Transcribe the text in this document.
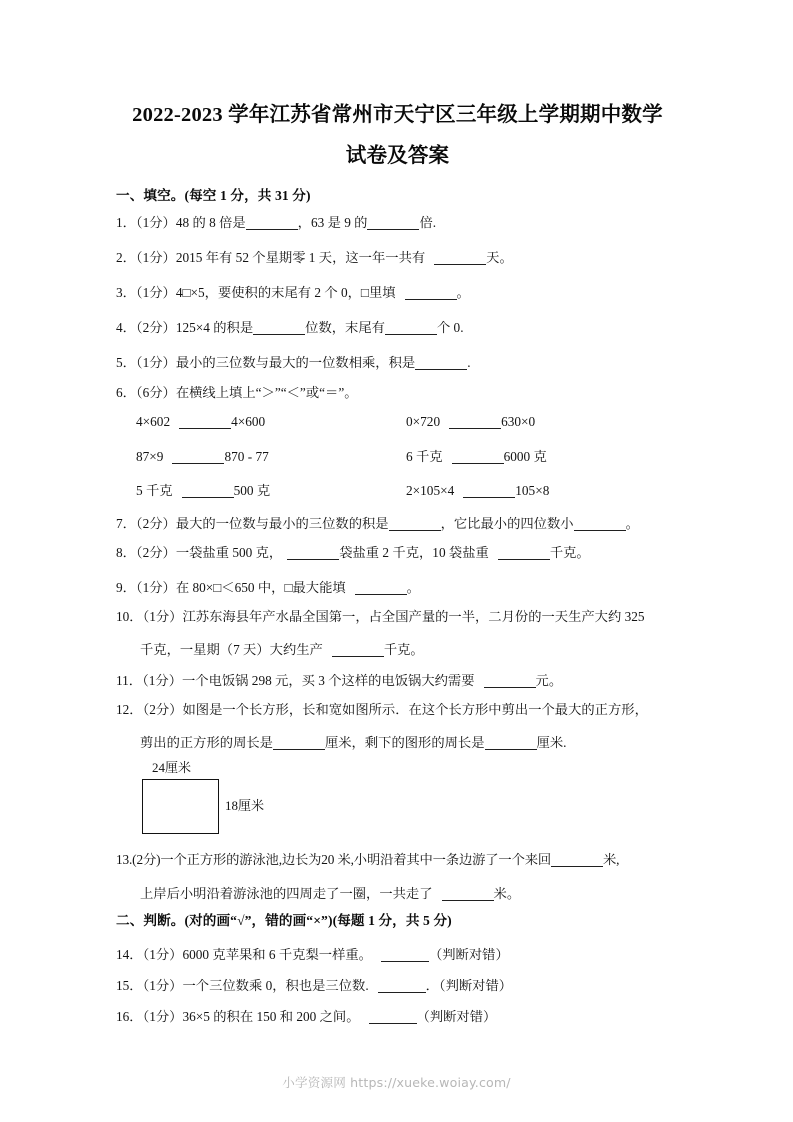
2022-2023 学年江苏省常州市天宁区三年级上学期期中数学
试卷及答案
一、填空。(每空 1 分，共 31 分)
1．（1分）48 的 8 倍是	，63 是 9 的	倍.
2．（1分）2015 年有 52 个星期零 1 天，这一年一共有	天。
3．（1分）4□×5，要使积的末尾有 2 个 0，□里填	。
4．（2分）125×4 的积是	位数，末尾有	个 0.
5．（1分）最小的三位数与最大的一位数相乘，积是	.
6．（6分）在横线上填上“＞”“＜”或“＝”。
4×602	4×600	0×720	630×0
87×9	870 - 77	6 千克	6000 克
5 千克	500 克	2×105×4	105×8
7．（2分）最大的一位数与最小的三位数的积是	，它比最小的四位数小	。
8．（2分）一袋盐重 500 克，	袋盐重 2 千克，10 袋盐重	千克。
9．（1分）在 80×□＜650 中，□最大能填	。
10．（1分）江苏东海县年产水晶全国第一，占全国产量的一半，二月份的一天生产大约 325
千克，一星期（7 天）大约生产	千克。
11．（1分）一个电饭锅 298 元，买 3 个这样的电饭锅大约需要	元。
12．（2分）如图是一个长方形，长和宽如图所示．在这个长方形中剪出一个最大的正方形，
剪出的正方形的周长是	厘米，剩下的图形的周长是	厘米.
24厘米
18厘米
13.(2分)一个正方形的游泳池,边长为20 米,小明沿着其中一条边游了一个来回	米,
上岸后小明沿着游泳池的四周走了一圈，一共走了	米。
二、判断。(对的画“√”，错的画“×”)(每题 1 分，共 5 分)
14．（1分）6000 克苹果和 6 千克梨一样重。	（判断对错）
15．（1分）一个三位数乘 0，积也是三位数.	．（判断对错）
16．（1分）36×5 的积在 150 和 200 之间。	（判断对错）
小学资源网 https://xueke.woiay.com/
